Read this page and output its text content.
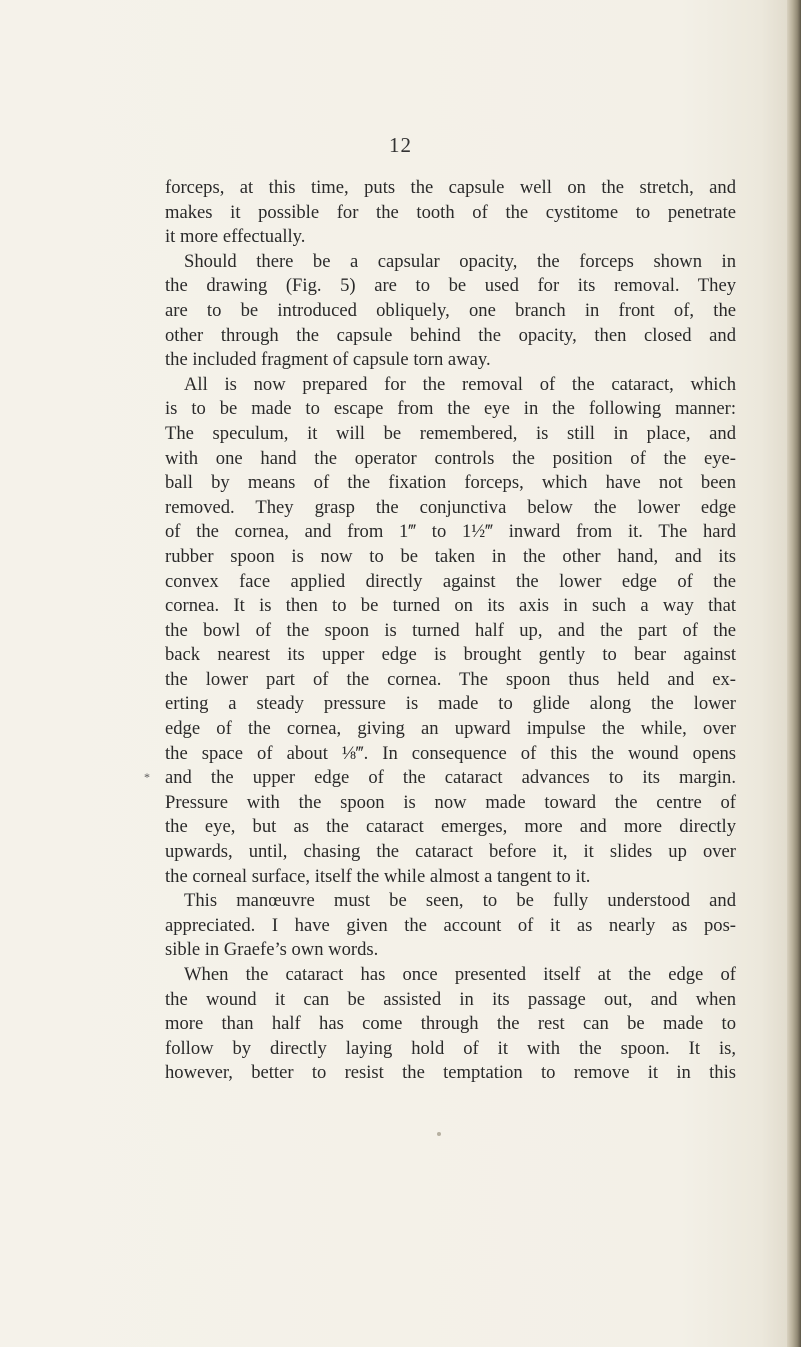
12
*
forceps, at this time, puts the capsule well on the stretch, and
makes it possible for the tooth of the cystitome to penetrate
it more effectually.
Should there be a capsular opacity, the forceps shown in
the drawing (Fig. 5) are to be used for its removal. They
are to be introduced obliquely, one branch in front of, the
other through the capsule behind the opacity, then closed and
the included fragment of capsule torn away.
All is now prepared for the removal of the cataract, which
is to be made to escape from the eye in the following manner:
The speculum, it will be remembered, is still in place, and
with one hand the operator controls the position of the eye-
ball by means of the fixation forceps, which have not been
removed. They grasp the conjunctiva below the lower edge
of the cornea, and from 1‴ to 1½‴ inward from it. The hard
rubber spoon is now to be taken in the other hand, and its
convex face applied directly against the lower edge of the
cornea. It is then to be turned on its axis in such a way that
the bowl of the spoon is turned half up, and the part of the
back nearest its upper edge is brought gently to bear against
the lower part of the cornea. The spoon thus held and ex-
erting a steady pressure is made to glide along the lower
edge of the cornea, giving an upward impulse the while, over
the space of about ⅛‴. In consequence of this the wound opens
and the upper edge of the cataract advances to its margin.
Pressure with the spoon is now made toward the centre of
the eye, but as the cataract emerges, more and more directly
upwards, until, chasing the cataract before it, it slides up over
the corneal surface, itself the while almost a tangent to it.
This manœuvre must be seen, to be fully understood and
appreciated. I have given the account of it as nearly as pos-
sible in Graefe’s own words.
When the cataract has once presented itself at the edge of
the wound it can be assisted in its passage out, and when
more than half has come through the rest can be made to
follow by directly laying hold of it with the spoon. It is,
however, better to resist the temptation to remove it in this
